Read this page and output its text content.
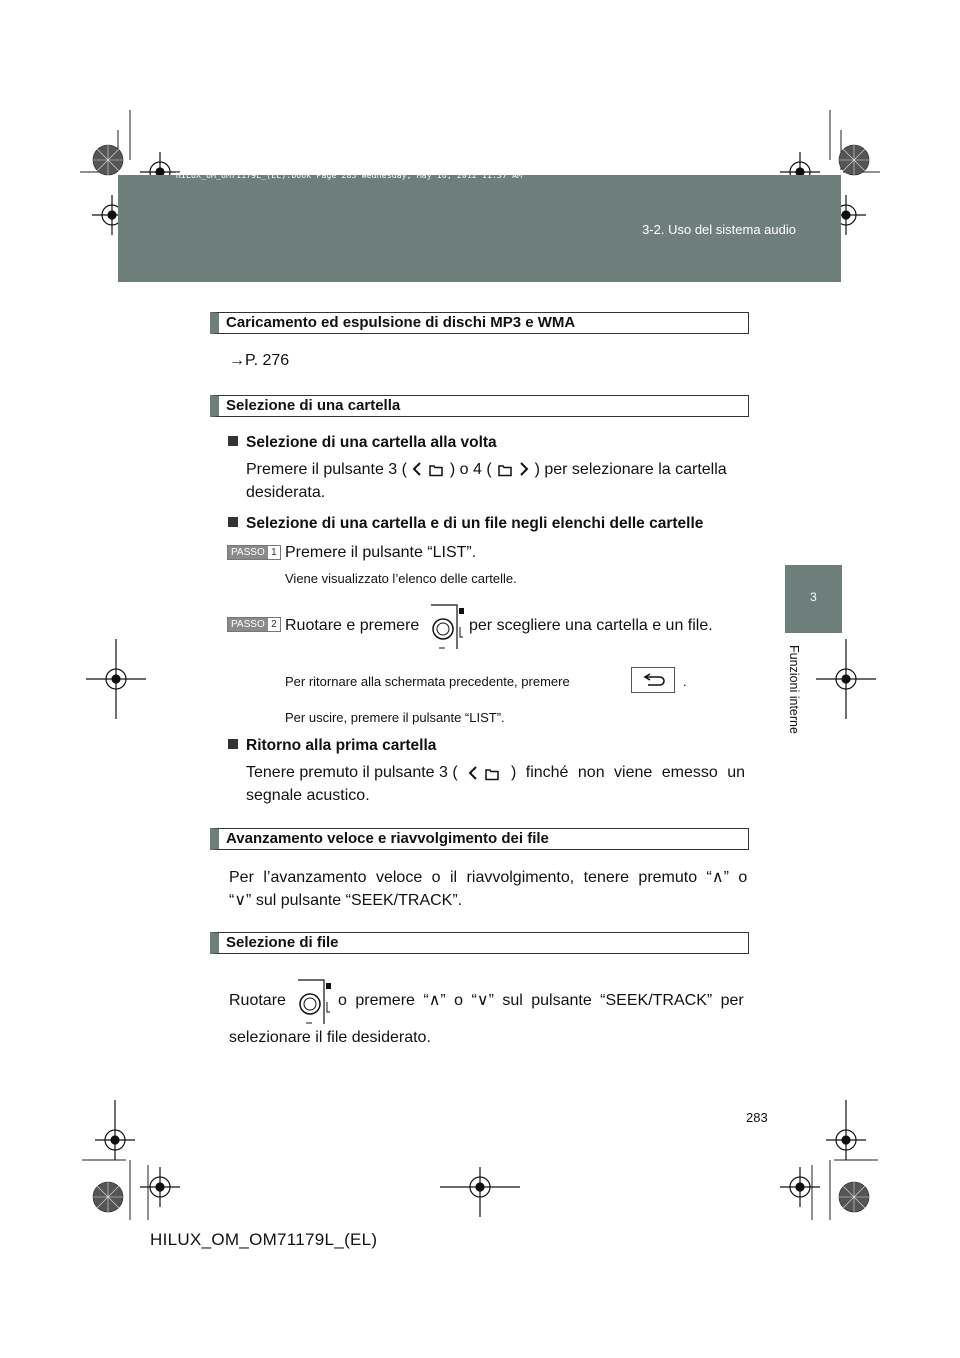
HILUX_OM_OM71179L_(EL).book Page 283 Wednesday, May 16, 2012 11:37 AM
3-2. Uso del sistema audio
3
Funzioni interne
Caricamento ed espulsione di dischi MP3 e WMA
→P. 276
Selezione di una cartella
Selezione di una cartella alla volta
Premere il pulsante 3 (	) o 4 (	) per selezionare la cartella
desiderata.
Selezione di una cartella e di un file negli elenchi delle cartelle
PASSO 1 Premere il pulsante “LIST”.
Viene visualizzato l’elenco delle cartelle.
PASSO 2 Ruotare e premere	per scegliere una cartella e un file.
Per ritornare alla schermata precedente, premere	.
Per uscire, premere il pulsante “LIST”.
Ritorno alla prima cartella
Tenere premuto il pulsante 3 (	) finché non viene emesso un
segnale acustico.
Avanzamento veloce e riavvolgimento dei file
Per l’avanzamento veloce o il riavvolgimento, tenere premuto “∧” o
“∨” sul pulsante “SEEK/TRACK”.
Selezione di file
Ruotare	o premere “∧” o “∨” sul pulsante “SEEK/TRACK” per
selezionare il file desiderato.
283
HILUX_OM_OM71179L_(EL)
